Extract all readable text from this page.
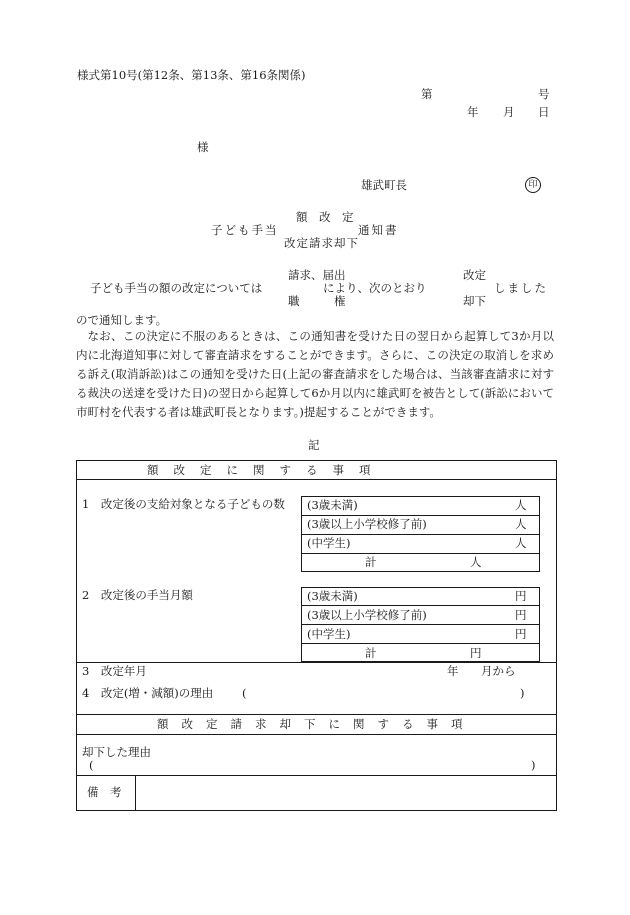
様式第10号(第12条、第13条、第16条関係)
第	号
年 月 日
様
雄武町長	印
額　改　定
子ども手当	通知書
改定請求却下
請求、届出	改定
子ども手当の額の改定については	により、次のとおり	しました
職　　　権	却下
ので通知します。
なお、この決定に不服のあるときは、この通知書を受けた日の翌日から起算して3か月以内に北海道知事に対して審査請求をすることができます。さらに、この決定の取消しを求める訴え(取消訴訟)はこの通知を受けた日(上記の審査請求をした場合は、当該審査請求に対する裁決の送達を受けた日)の翌日から起算して6か月以内に雄武町を被告として(訴訟において市町村を代表する者は雄武町長となります。)提起することができます。
記
額改定に関する事項
1　改定後の支給対象となる子どもの数 (3歳未満)	人
(3歳以上小学校修了前)	人
(中学生)	人
計	人
2　改定後の手当月額	(3歳未満)	円
(3歳以上小学校修了前)	円
(中学生)	円
計	円
3　改定年月	年 月から
4　改定(増・減額)の理由 (	)
額改定請求却下に関する事項
却下した理由
(	)
備　考
